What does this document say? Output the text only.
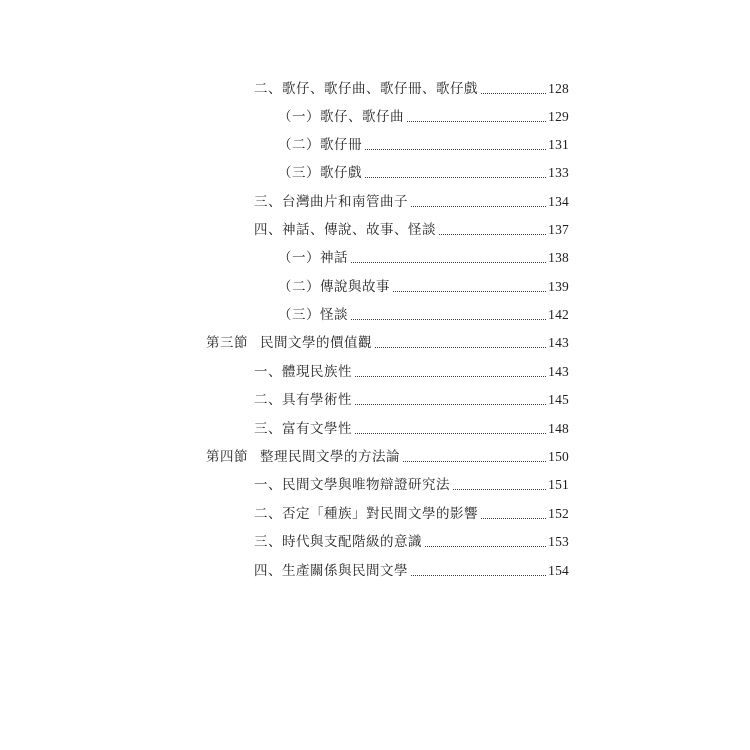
二、歌仔、歌仔曲、歌仔冊、歌仔戲	128
（一）歌仔、歌仔曲	129
（二）歌仔冊	131
（三）歌仔戲	133
三、台灣曲片和南管曲子	134
四、神話、傳說、故事、怪談	137
（一）神話	138
（二）傳說與故事	139
（三）怪談	142
第三節 民間文學的價值觀	143
一、體現民族性	143
二、具有學術性	145
三、富有文學性	148
第四節 整理民間文學的方法論	150
一、民間文學與唯物辯證研究法	151
二、否定「種族」對民間文學的影響	152
三、時代與支配階級的意識	153
四、生產關係與民間文學	154
